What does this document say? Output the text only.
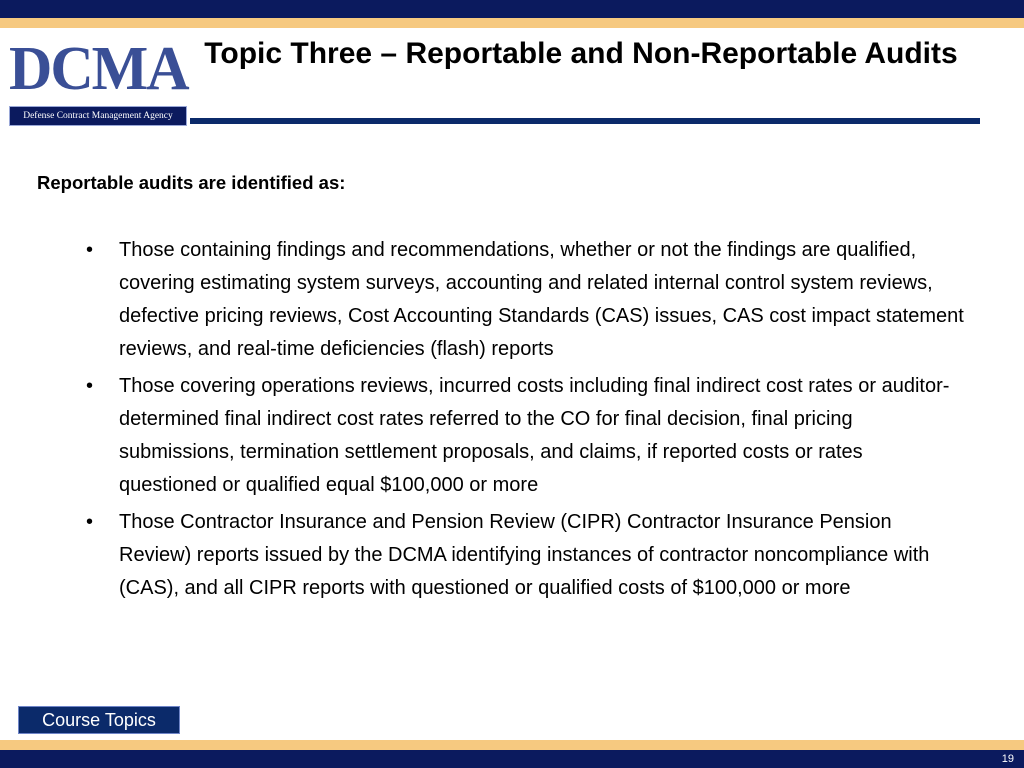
DCMA
Defense Contract Management Agency
Topic Three – Reportable and Non-Reportable Audits
Reportable audits are identified as:
•	Those containing findings and recommendations, whether or not the findings are qualified, covering estimating system surveys, accounting and related internal control system reviews, defective pricing reviews, Cost Accounting Standards (CAS) issues, CAS cost impact statement reviews, and real-time deficiencies (flash) reports
•	Those covering operations reviews, incurred costs including final indirect cost rates or auditor-determined final indirect cost rates referred to the CO for final decision, final pricing submissions, termination settlement proposals, and claims, if reported costs or rates questioned or qualified equal $100,000 or more
•	Those Contractor Insurance and Pension Review (CIPR) Contractor Insurance Pension Review) reports issued by the DCMA identifying instances of contractor noncompliance with (CAS), and all CIPR reports with questioned or qualified costs of $100,000 or more
Course Topics
19
